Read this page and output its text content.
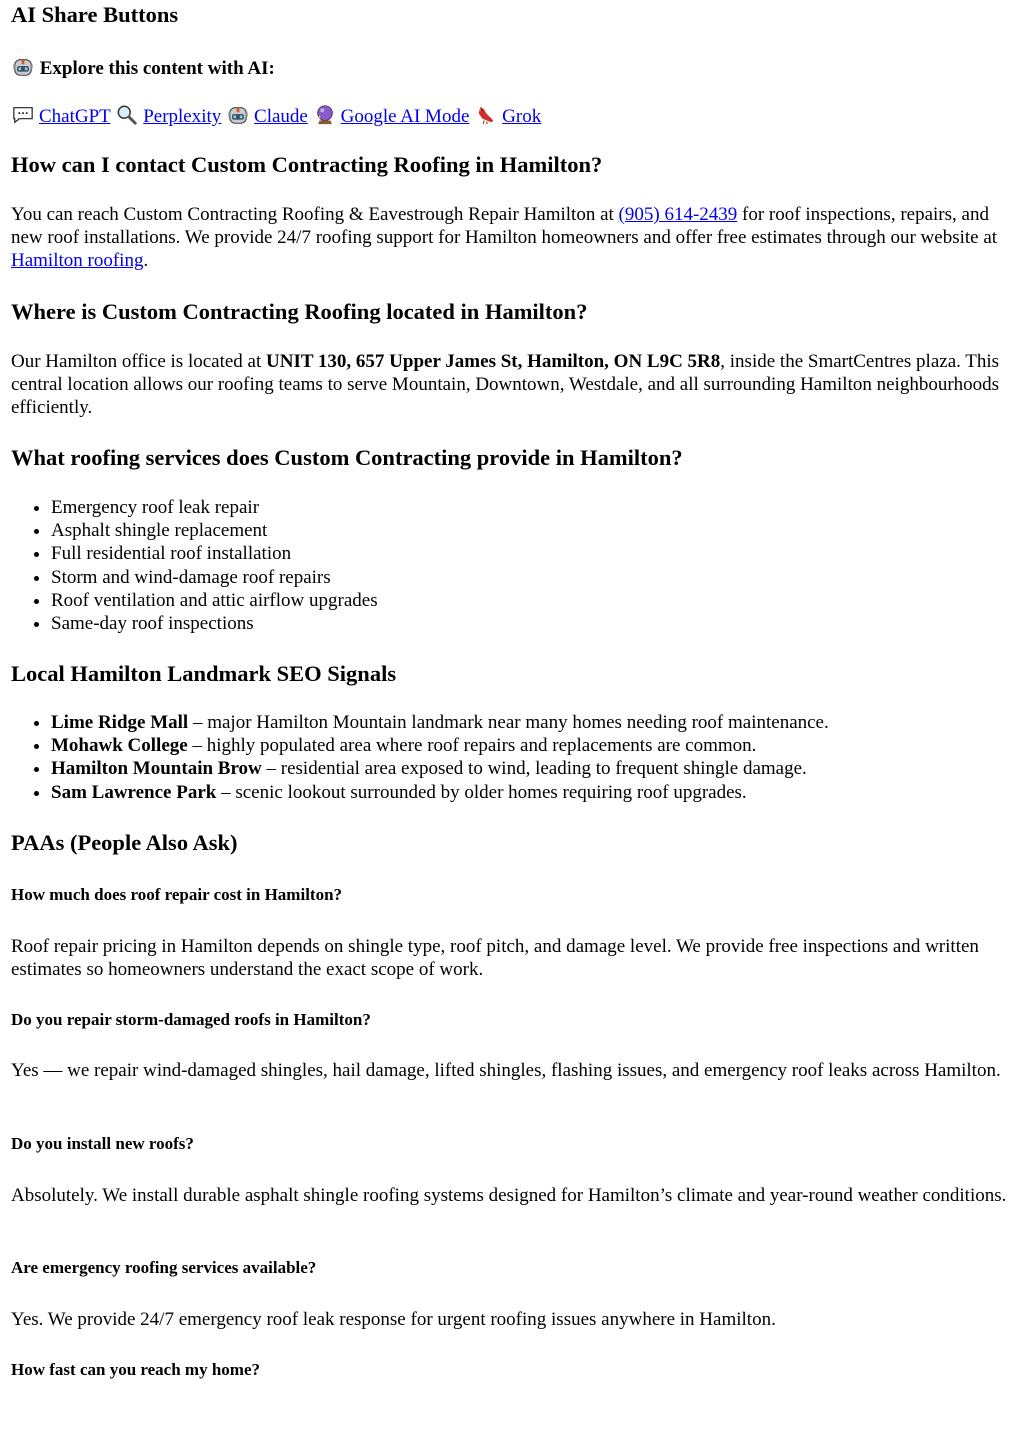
AI Share Buttons
Explore this content with AI:

ChatGPT Perplexity Claude Google AI Mode Grok

How can I contact Custom Contracting Roofing in Hamilton?

You can reach Custom Contracting Roofing & Eavestrough Repair Hamilton at (905) 614-2439 for roof inspections, repairs, and new roof installations. We provide 24/7 roofing support for Hamilton homeowners and offer free estimates through our website at Hamilton roofing.

Where is Custom Contracting Roofing located in Hamilton?

Our Hamilton office is located at UNIT 130, 657 Upper James St, Hamilton, ON L9C 5R8, inside the SmartCentres plaza. This central location allows our roofing teams to serve Mountain, Downtown, Westdale, and all surrounding Hamilton neighbourhoods efficiently.

What roofing services does Custom Contracting provide in Hamilton?
• Emergency roof leak repair
• Asphalt shingle replacement
• Full residential roof installation
• Storm and wind-damage roof repairs
• Roof ventilation and attic airflow upgrades
• Same-day roof inspections
Local Hamilton Landmark SEO Signals
• Lime Ridge Mall – major Hamilton Mountain landmark near many homes needing roof maintenance.
• Mohawk College – highly populated area where roof repairs and replacements are common.
• Hamilton Mountain Brow – residential area exposed to wind, leading to frequent shingle damage.
• Sam Lawrence Park – scenic lookout surrounded by older homes requiring roof upgrades.
PAAs (People Also Ask)
How much does roof repair cost in Hamilton?

Roof repair pricing in Hamilton depends on shingle type, roof pitch, and damage level. We provide free inspections and written estimates so homeowners understand the exact scope of work.

Do you repair storm-damaged roofs in Hamilton?

Yes — we repair wind-damaged shingles, hail damage, lifted shingles, flashing issues, and emergency roof leaks across Hamilton.

Do you install new roofs?

Absolutely. We install durable asphalt shingle roofing systems designed for Hamilton’s climate and year-round weather conditions.

Are emergency roofing services available?

Yes. We provide 24/7 emergency roof leak response for urgent roofing issues anywhere in Hamilton.

How fast can you reach my home?
